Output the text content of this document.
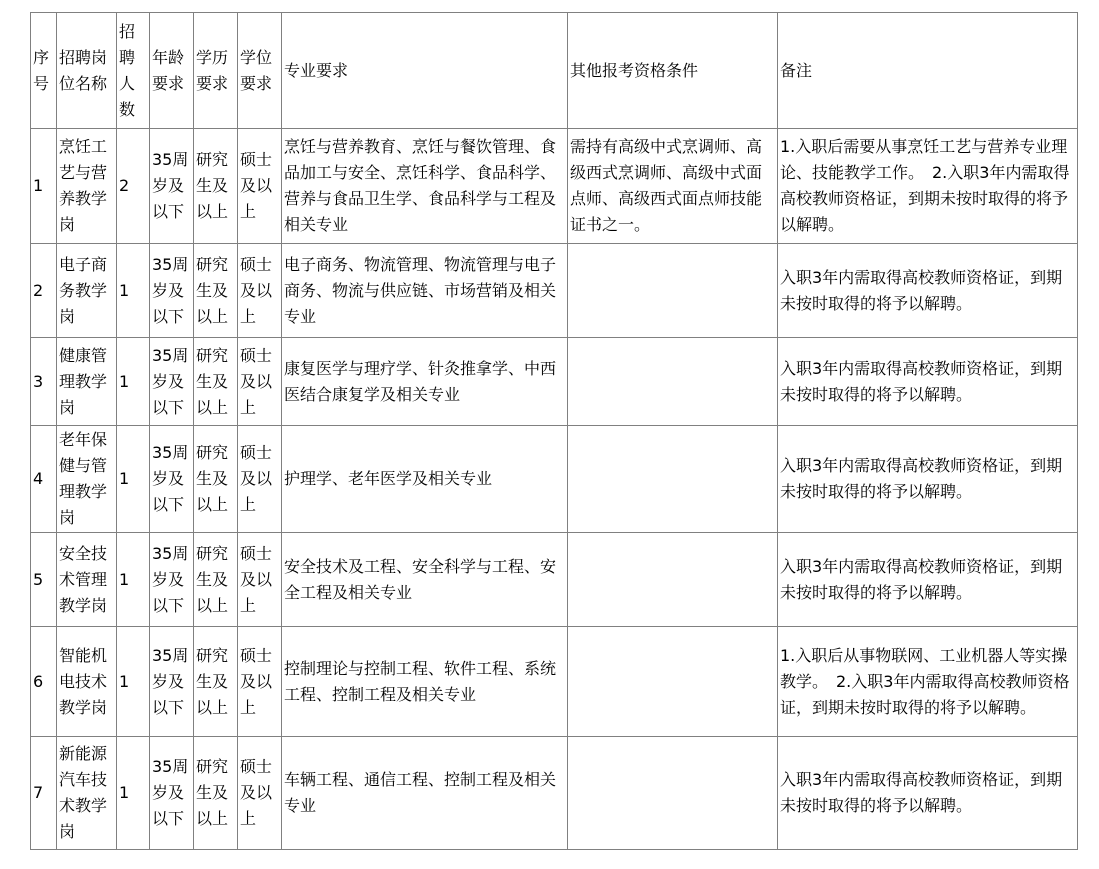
序号	招聘岗位名称	招聘人数	年龄要求	学历要求	学位要求	专业要求	其他报考资格条件	备注
1	烹饪工艺与营养教学岗	2	35周岁及以下	研究生及以上	硕士及以上	烹饪与营养教育、烹饪与餐饮管理、食品加工与安全、烹饪科学、食品科学、营养与食品卫生学、食品科学与工程及相关专业	需持有高级中式烹调师、高级西式烹调师、高级中式面点师、高级西式面点师技能证书之一。	1.入职后需要从事烹饪工艺与营养专业理论、技能教学工作。　2.入职3年内需取得高校教师资格证，到期未按时取得的将予以解聘。
2	电子商务教学岗	1	35周岁及以下	研究生及以上	硕士及以上	电子商务、物流管理、物流管理与电子商务、物流与供应链、市场营销及相关专业		入职3年内需取得高校教师资格证，到期未按时取得的将予以解聘。
3	健康管理教学岗	1	35周岁及以下	研究生及以上	硕士及以上	康复医学与理疗学、针灸推拿学、中西医结合康复学及相关专业		入职3年内需取得高校教师资格证，到期未按时取得的将予以解聘。
4	老年保健与管理教学岗	1	35周岁及以下	研究生及以上	硕士及以上	护理学、老年医学及相关专业		入职3年内需取得高校教师资格证，到期未按时取得的将予以解聘。
5	安全技术管理教学岗	1	35周岁及以下	研究生及以上	硕士及以上	安全技术及工程、安全科学与工程、安全工程及相关专业		入职3年内需取得高校教师资格证，到期未按时取得的将予以解聘。
6	智能机电技术教学岗	1	35周岁及以下	研究生及以上	硕士及以上	控制理论与控制工程、软件工程、系统工程、控制工程及相关专业		1.入职后从事物联网、工业机器人等实操教学。　2.入职3年内需取得高校教师资格证，到期未按时取得的将予以解聘。
7	新能源汽车技术教学岗	1	35周岁及以下	研究生及以上	硕士及以上	车辆工程、通信工程、控制工程及相关专业		入职3年内需取得高校教师资格证，到期未按时取得的将予以解聘。
